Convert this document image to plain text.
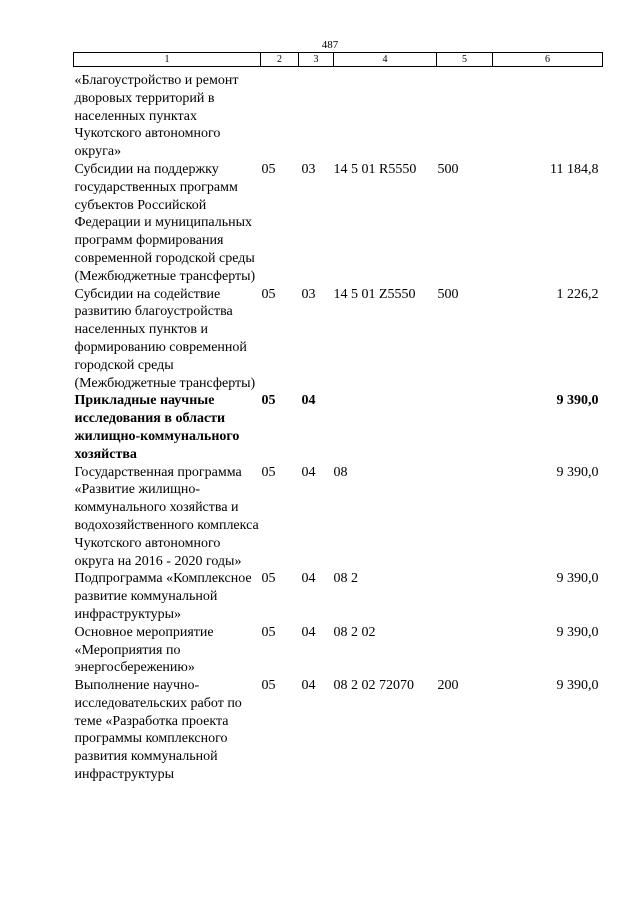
487
1	2	3	4	5	6
«Благоустройство и ремонт дворовых территорий в населенных пунктах Чукотского автономного округа»					
Субсидии на поддержку государственных программ субъектов Российской Федерации и муниципальных программ формирования современной городской среды (Межбюджетные трансферты)	05	03	14 5 01 R5550	500	11 184,8
Субсидии на содействие развитию благоустройства населенных пунктов и формированию современной городской среды (Межбюджетные трансферты)	05	03	14 5 01 Z5550	500	1 226,2
Прикладные научные исследования в области жилищно-коммунального хозяйства	05	04			9 390,0
Государственная программа «Развитие жилищно-коммунального хозяйства и водохозяйственного комплекса Чукотского автономного округа на 2016 - 2020 годы»	05	04	08		9 390,0
Подпрограмма «Комплексное развитие коммунальной инфраструктуры»	05	04	08 2		9 390,0
Основное мероприятие «Мероприятия по энергосбережению»	05	04	08 2 02		9 390,0
Выполнение научно-исследовательских работ по теме «Разработка проекта программы комплексного развития коммунальной инфраструктуры	05	04	08 2 02 72070	200	9 390,0
